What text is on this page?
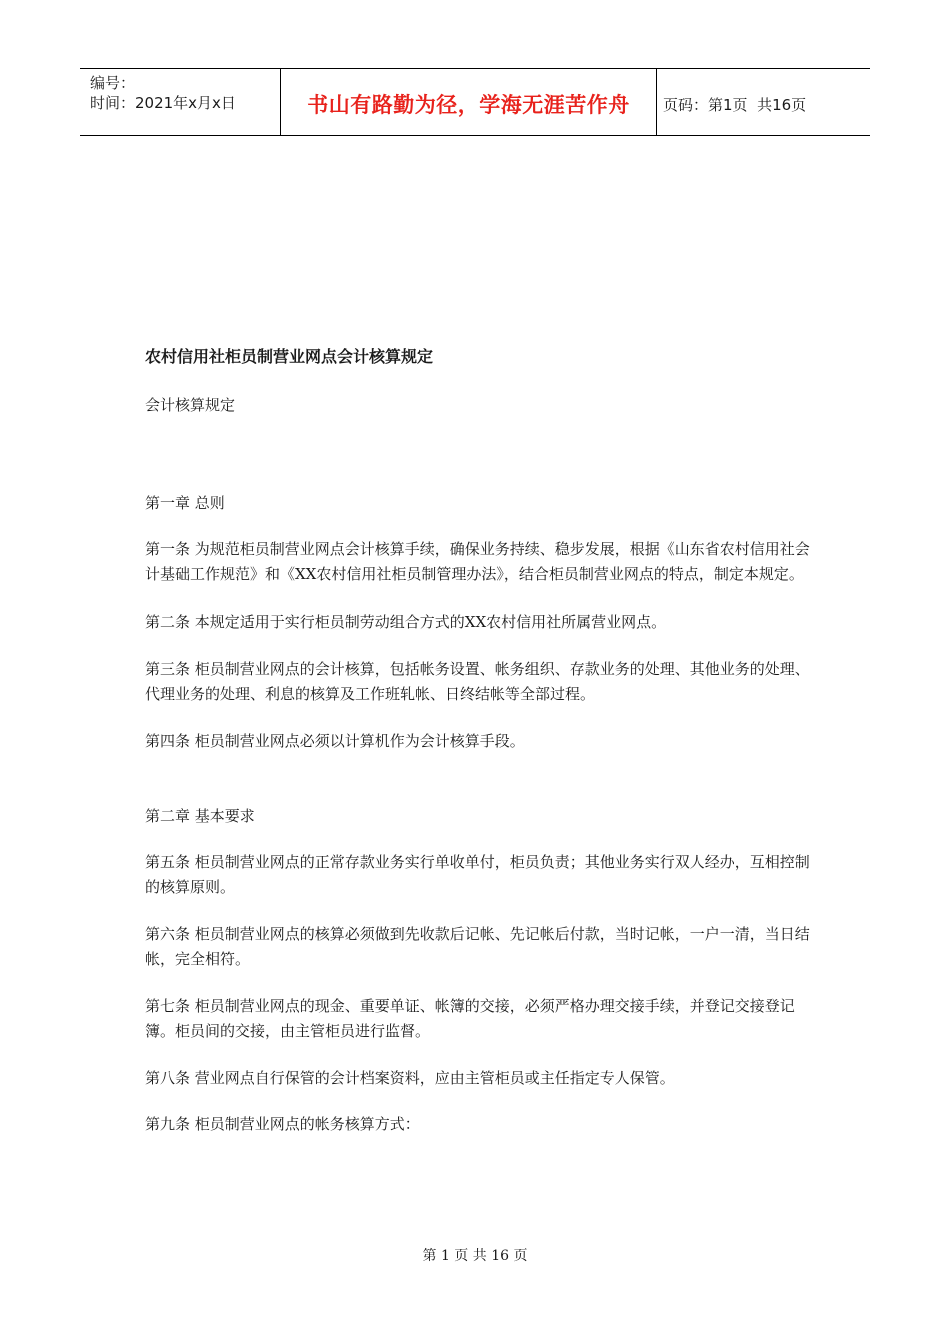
编号：
时间：2021年x月x日	书山有路勤为径，学海无涯苦作舟 页码：第1页  共16页

农村信用社柜员制营业网点会计核算规定

会计核算规定

第一章 总则

第一条 为规范柜员制营业网点会计核算手续，确保业务持续、稳步发展，根据《山东省农村信用社会计基础工作规范》和《XX农村信用社柜员制管理办法》，结合柜员制营业网点的特点，制定本规定。

第二条 本规定适用于实行柜员制劳动组合方式的XX农村信用社所属营业网点。

第三条 柜员制营业网点的会计核算，包括帐务设置、帐务组织、存款业务的处理、其他业务的处理、代理业务的处理、利息的核算及工作班轧帐、日终结帐等全部过程。

第四条 柜员制营业网点必须以计算机作为会计核算手段。

第二章 基本要求

第五条 柜员制营业网点的正常存款业务实行单收单付，柜员负责；其他业务实行双人经办，互相控制的核算原则。

第六条 柜员制营业网点的核算必须做到先收款后记帐、先记帐后付款，当时记帐，一户一清，当日结帐，完全相符。

第七条 柜员制营业网点的现金、重要单证、帐簿的交接，必须严格办理交接手续，并登记交接登记簿。柜员间的交接，由主管柜员进行监督。

第八条 营业网点自行保管的会计档案资料，应由主管柜员或主任指定专人保管。

第九条 柜员制营业网点的帐务核算方式：

第 1 页 共 16 页
